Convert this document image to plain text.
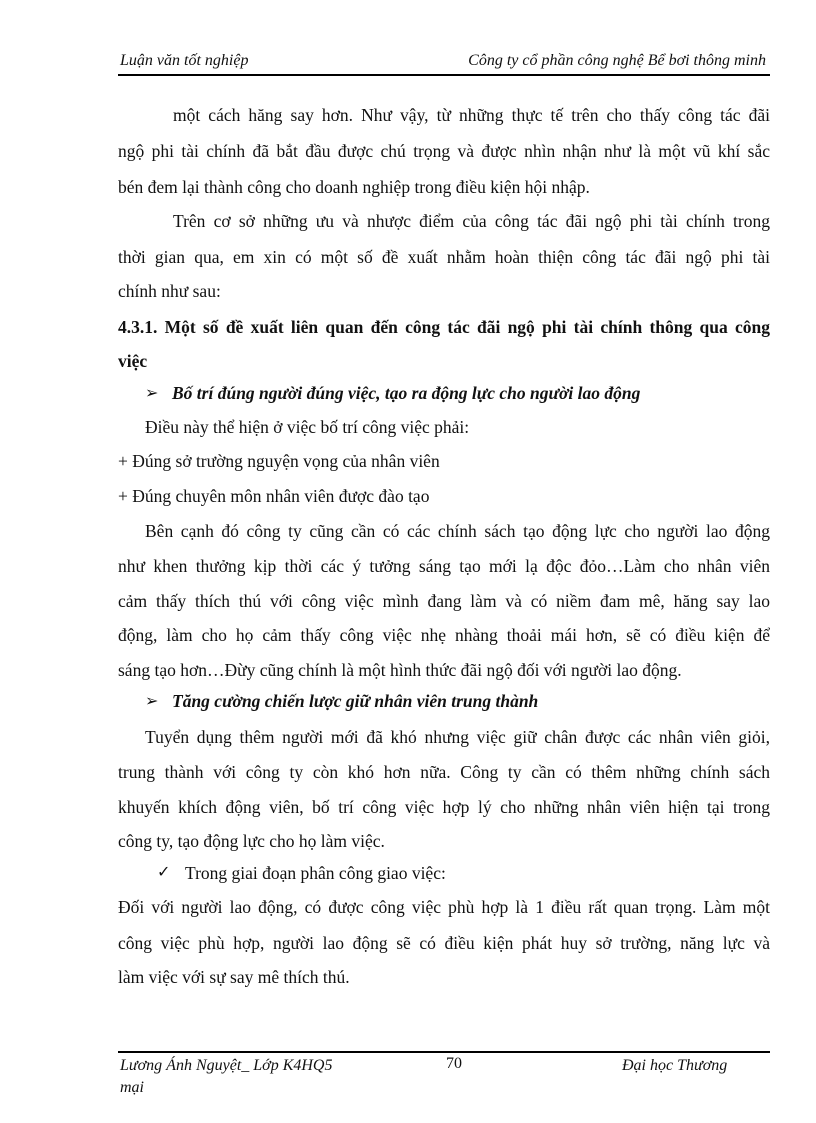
Luận văn tốt nghiệp	Công ty cổ phần công nghệ Bể bơi thông minh
một cách hăng say hơn. Như vậy, từ những thực tế trên cho thấy công tác đãi
ngộ phi tài chính đã bắt đầu được chú trọng và được nhìn nhận như là một vũ khí sắc
bén đem lại thành công cho doanh nghiệp trong điều kiện hội nhập.
Trên cơ sở những ưu và nhược điểm của công tác đãi ngộ phi tài chính trong
thời gian qua, em xin có một số đề xuất nhằm hoàn thiện công tác đãi ngộ phi tài
chính như sau:
4.3.1. Một số đề xuất liên quan đến công tác đãi ngộ phi tài chính thông qua công
việc
➢ Bố trí đúng người đúng việc, tạo ra động lực cho người lao động
Điều này thể hiện ở việc bố trí công việc phải:
+ Đúng sở trường nguyện vọng của nhân viên
+ Đúng chuyên môn nhân viên được đào tạo
Bên cạnh đó công ty cũng cần có các chính sách tạo động lực cho người lao động
như khen thưởng kịp thời các ý tưởng sáng tạo mới lạ độc đỏo…Làm cho nhân viên
cảm thấy thích thú với công việc mình đang làm và có niềm đam mê, hăng say lao
động, làm cho họ cảm thấy công việc nhẹ nhàng thoải mái hơn, sẽ có điều kiện để
sáng tạo hơn…Đừy cũng chính là một hình thức đãi ngộ đối với người lao động.
➢ Tăng cường chiến lược giữ nhân viên trung thành
Tuyển dụng thêm người mới đã khó nhưng việc giữ chân được các nhân viên giỏi,
trung thành với công ty còn khó hơn nữa. Công ty cần có thêm những chính sách
khuyến khích động viên, bố trí công việc hợp lý cho những nhân viên hiện tại trong
công ty, tạo động lực cho họ làm việc.
✓ Trong giai đoạn phân công giao việc:
Đối với người lao động, có được công việc phù hợp là 1 điều rất quan trọng. Làm một
công việc phù hợp, người lao động sẽ có điều kiện phát huy sở trường, năng lực và
làm việc với sự say mê thích thú.
Lương Ánh Nguyệt_ Lớp K4HQ5
mại
70	Đại học Thương
